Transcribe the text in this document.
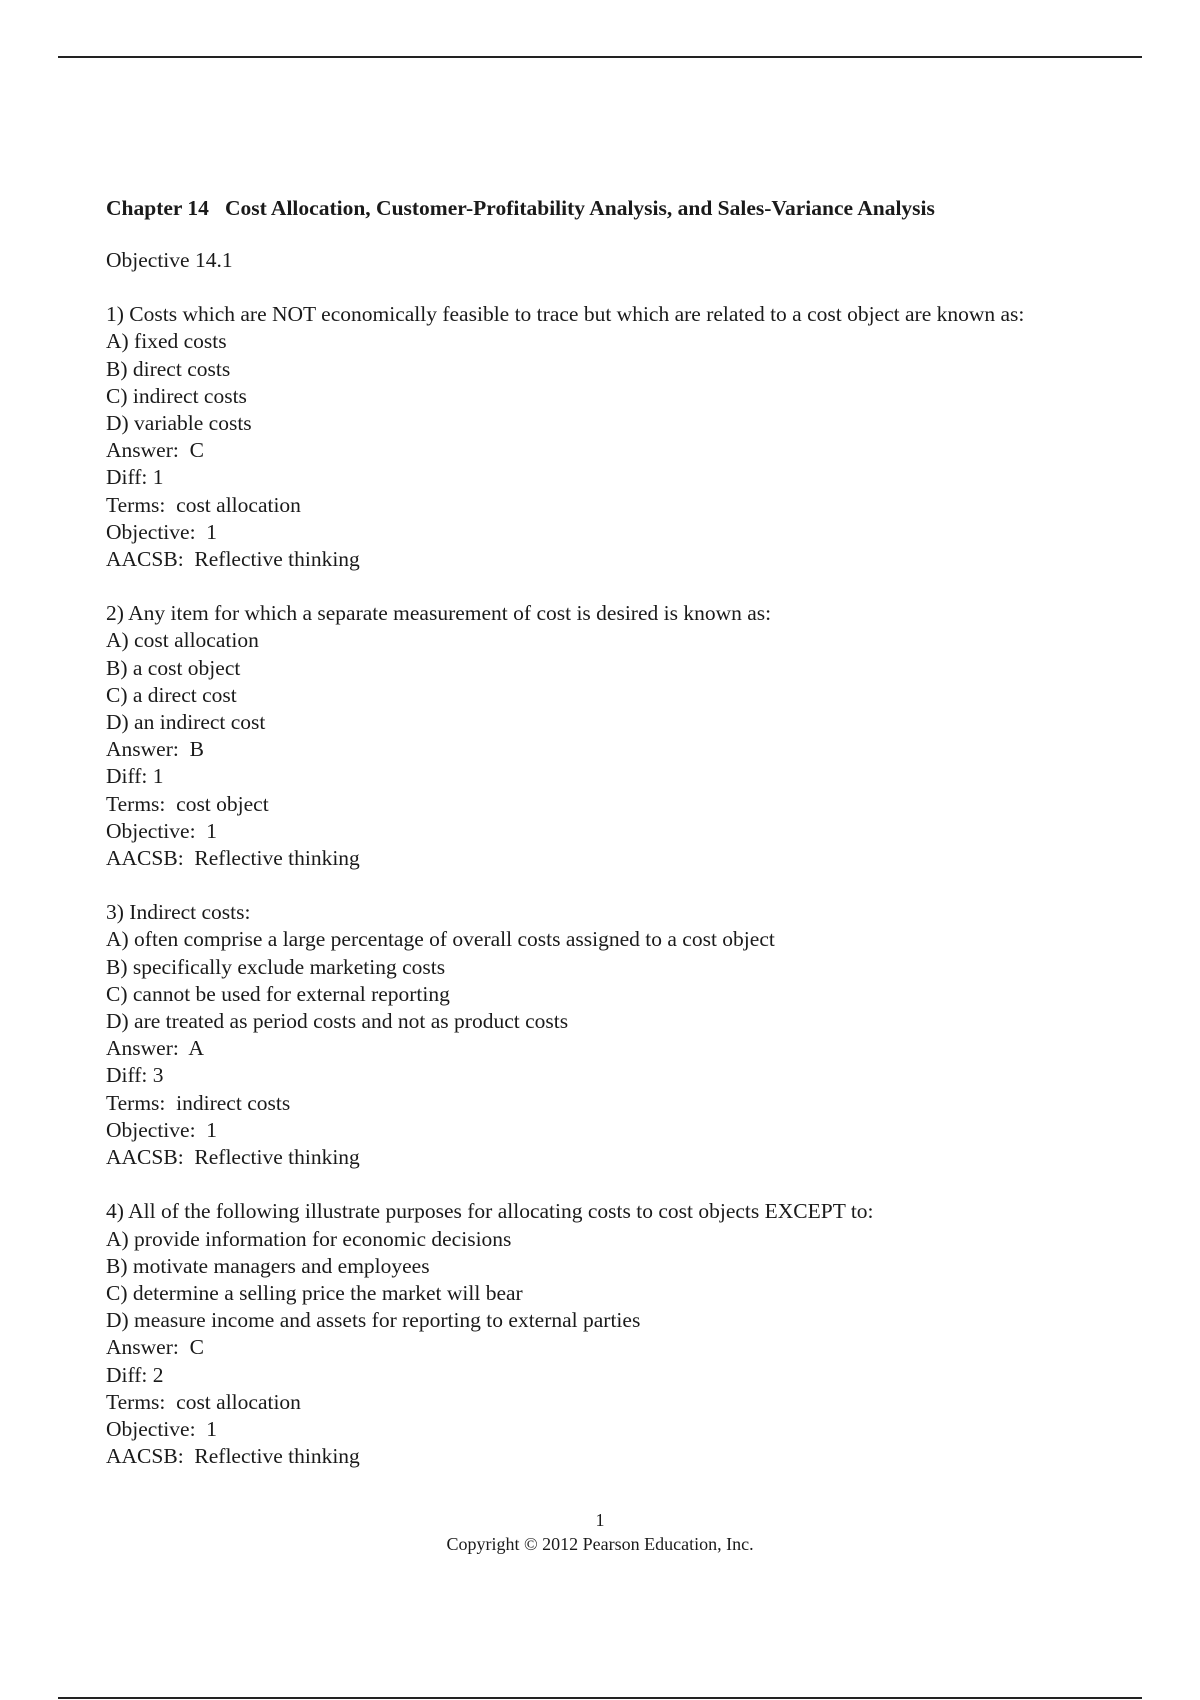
Chapter 14 Cost Allocation, Customer-Profitability Analysis, and Sales-Variance Analysis
Objective 14.1
1) Costs which are NOT economically feasible to trace but which are related to a cost object are known as:
A) fixed costs
B) direct costs
C) indirect costs
D) variable costs
Answer:  C
Diff: 1
Terms:  cost allocation
Objective:  1
AACSB:  Reflective thinking
2) Any item for which a separate measurement of cost is desired is known as:
A) cost allocation
B) a cost object
C) a direct cost
D) an indirect cost
Answer:  B
Diff: 1
Terms:  cost object
Objective:  1
AACSB:  Reflective thinking
3) Indirect costs:
A) often comprise a large percentage of overall costs assigned to a cost object
B) specifically exclude marketing costs
C) cannot be used for external reporting
D) are treated as period costs and not as product costs
Answer:  A
Diff: 3
Terms:  indirect costs
Objective:  1
AACSB:  Reflective thinking
4) All of the following illustrate purposes for allocating costs to cost objects EXCEPT to:
A) provide information for economic decisions
B) motivate managers and employees
C) determine a selling price the market will bear
D) measure income and assets for reporting to external parties
Answer:  C
Diff: 2
Terms:  cost allocation
Objective:  1
AACSB:  Reflective thinking
1
Copyright © 2012 Pearson Education, Inc.
